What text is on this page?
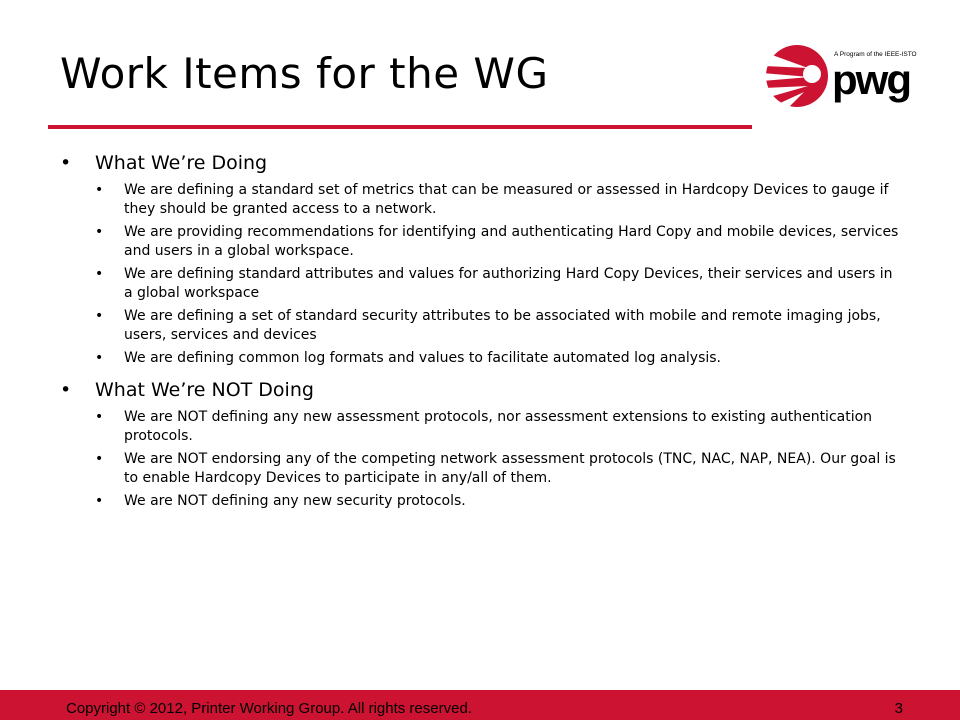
Work Items for the WG	A Program of the IEEE-ISTO
pwg
• What We’re Doing
• We are defining a standard set of metrics that can be measured or assessed in Hardcopy Devices to gauge if they should be granted access to a network.
• We are providing recommendations for identifying and authenticating Hard Copy and mobile devices, services and users in a global workspace.
• We are defining standard attributes and values for authorizing Hard Copy Devices, their services and users in a global workspace
• We are defining a set of standard security attributes to be associated with mobile and remote imaging jobs, users, services and devices
• We are defining common log formats and values to facilitate automated log analysis.
• What We’re NOT Doing
• We are NOT defining any new assessment protocols, nor assessment extensions to existing authentication protocols.
• We are NOT endorsing any of the competing network assessment protocols (TNC, NAC, NAP, NEA). Our goal is to enable Hardcopy Devices to participate in any/all of them.
• We are NOT defining any new security protocols.
Copyright © 2012, Printer Working Group. All rights reserved.	3
